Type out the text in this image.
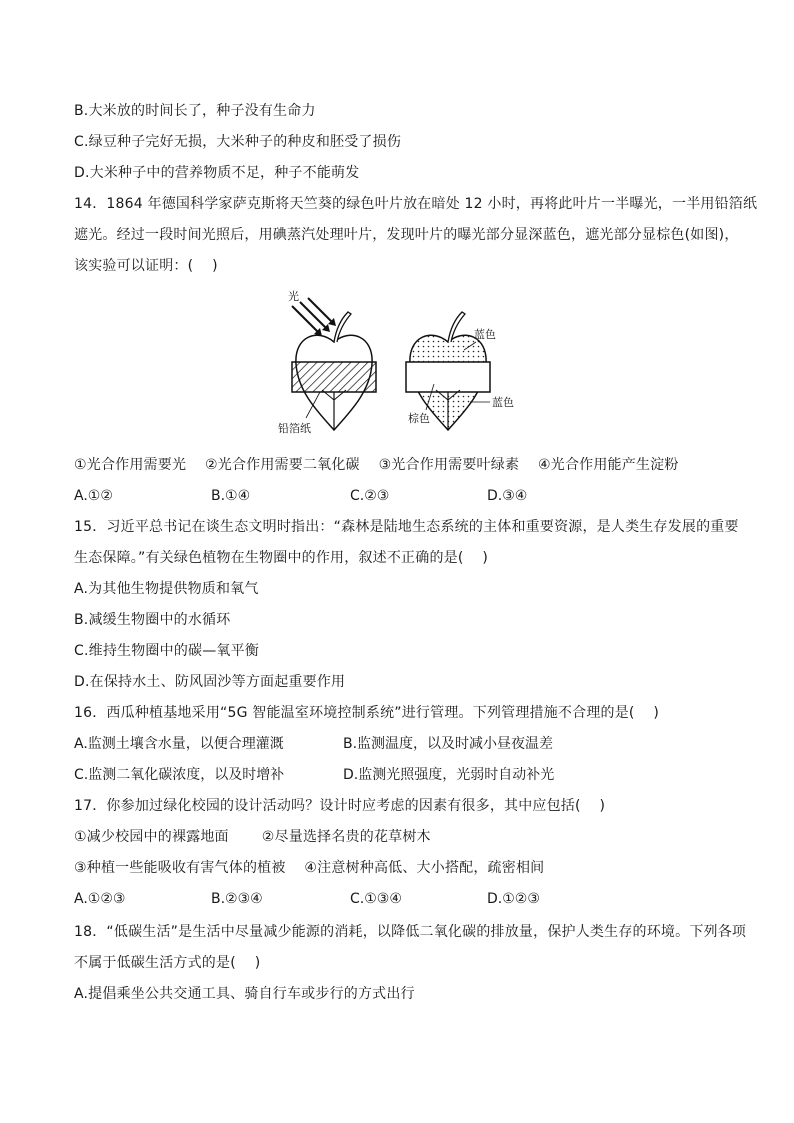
B.大米放的时间长了，种子没有生命力
C.绿豆种子完好无损，大米种子的种皮和胚受了损伤
D.大米种子中的营养物质不足，种子不能萌发
14．1864 年德国科学家萨克斯将天竺葵的绿色叶片放在暗处 12 小时，再将此叶片一半曝光，一半用铅箔纸
遮光。经过一段时间光照后，用碘蒸汽处理叶片，发现叶片的曝光部分显深蓝色，遮光部分显棕色(如图)，
该实验可以证明：(　 )
光
铅箔纸
蓝色
棕色
蓝色
①光合作用需要光　 ②光合作用需要二氧化碳　 ③光合作用需要叶绿素　 ④光合作用能产生淀粉
A.①②	B.①④	C.②③	D.③④
15．习近平总书记在谈生态文明时指出：“森林是陆地生态系统的主体和重要资源，是人类生存发展的重要
生态保障。”有关绿色植物在生物圈中的作用，叙述不正确的是(　 )
A.为其他生物提供物质和氧气
B.减缓生物圈中的水循环
C.维持生物圈中的碳—氧平衡
D.在保持水土、防风固沙等方面起重要作用
16．西瓜种植基地采用“5G 智能温室环境控制系统”进行管理。下列管理措施不合理的是(　 )
A.监测土壤含水量，以便合理灌溉	B.监测温度，以及时减小昼夜温差
C.监测二氧化碳浓度，以及时增补	D.监测光照强度，光弱时自动补光
17．你参加过绿化校园的设计活动吗？设计时应考虑的因素有很多，其中应包括(　 )
①减少校园中的裸露地面　　 ②尽量选择名贵的花草树木
③种植一些能吸收有害气体的植被　 ④注意树种高低、大小搭配，疏密相间
A.①②③	B.②③④	C.①③④	D.①②③
18．“低碳生活”是生活中尽量减少能源的消耗，以降低二氧化碳的排放量，保护人类生存的环境。下列各项
不属于低碳生活方式的是(　 )
A.提倡乘坐公共交通工具、骑自行车或步行的方式出行
